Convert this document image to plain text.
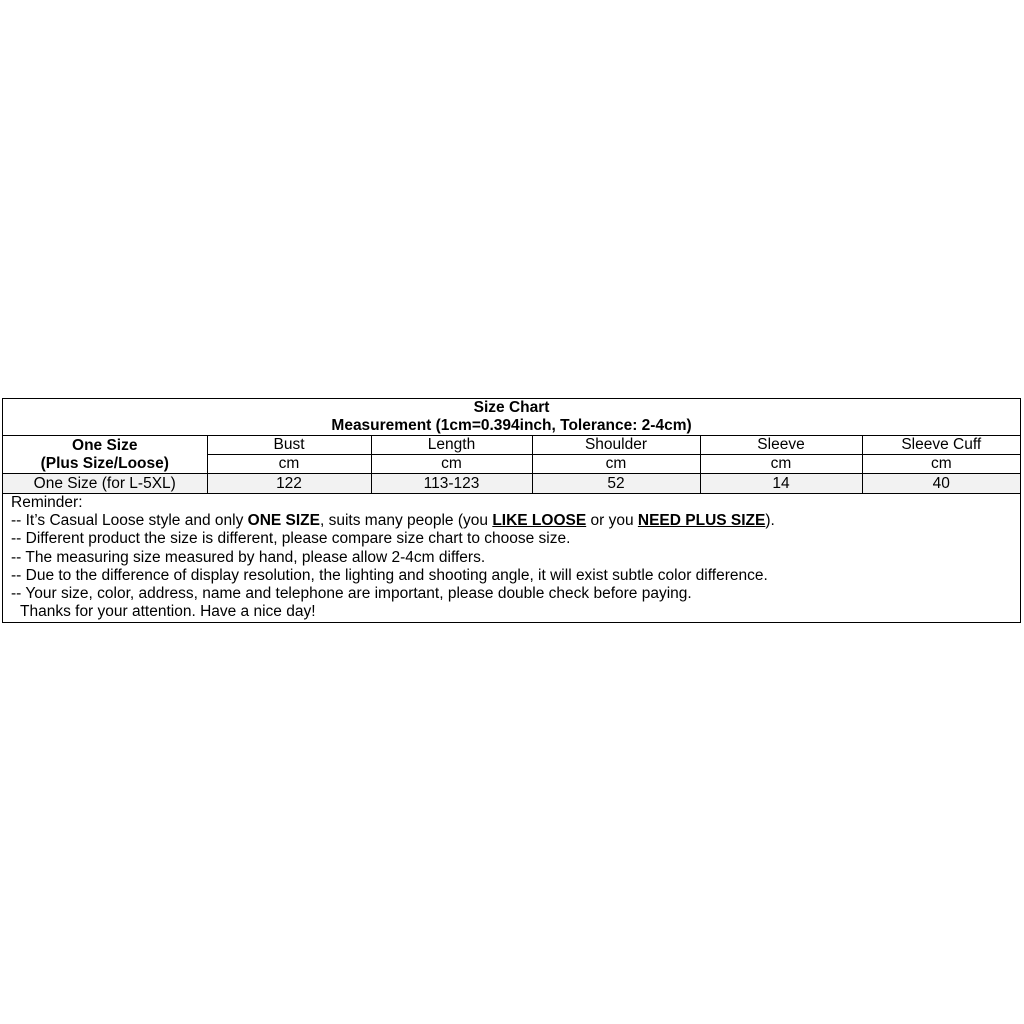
Size Chart
Measurement (1cm=0.394inch, Tolerance: 2-4cm)					

One Size
(Plus Size/Loose)	Bust	Length	Shoulder	Sleeve	Sleeve Cuff
	cm	cm	cm	cm	cm
One Size (for L-5XL)	122	113-123	52	14	40
Reminder:
-- It’s Casual Loose style and only ONE SIZE, suits many people (you LIKE LOOSE or you NEED PLUS SIZE).
-- Different product the size is different, please compare size chart to choose size.
-- The measuring size measured by hand, please allow 2-4cm differs.
-- Due to the difference of display resolution, the lighting and shooting angle, it will exist subtle color difference.
-- Your size, color, address, name and telephone are important, please double check before paying.
Thanks for your attention. Have a nice day!
